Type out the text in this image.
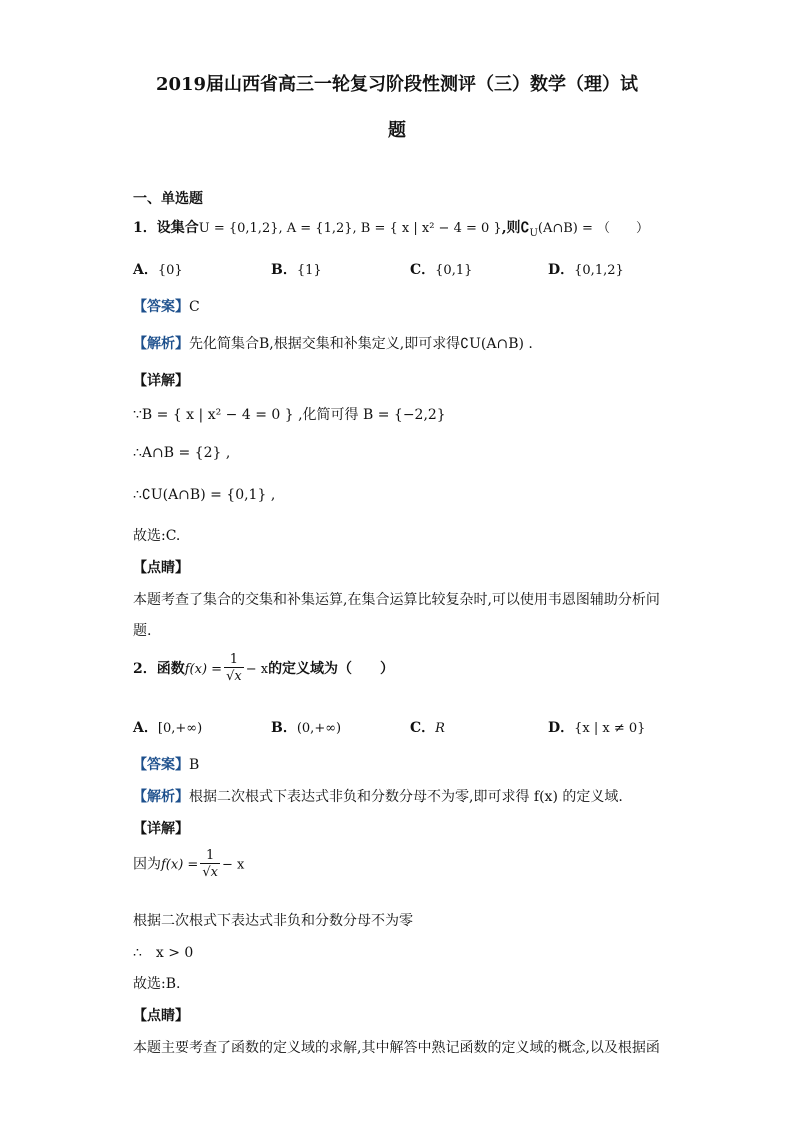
2019届山西省高三一轮复习阶段性测评（三）数学（理）试
题
一、单选题
1．设集合U = {0,1,2}, A = {1,2}, B = { x | x² − 4 = 0 },则$∁_U(A\cap B)$ = （　　）
A．{0}	B．{1}	C．{0,1}	D．{0,1,2}
【答案】C
【解析】先化简集合B,根据交集和补集定义,即可求得∁U(A∩B) .
【详解】
∵B = { x | x² − 4 = 0 } ,化简可得 B = {−2,2}
∴A∩B = {2} ,
∴∁U(A∩B) = {0,1} ,
故选:C.
【点睛】
本题考查了集合的交集和补集运算,在集合运算比较复杂时,可以使用韦恩图辅助分析问
题.
2．函数$f(x) = \frac{1}{√x} - x$的定义域为（　　）
A．[0,+∞)	B．(0,+∞)	C．R	D．{x | x ≠ 0}
【答案】B
【解析】根据二次根式下表达式非负和分数分母不为零,即可求得 f(x) 的定义域.
【详解】
因为$f(x) = \frac{1}{√x} - x$
根据二次根式下表达式非负和分数分母不为零
∴　x > 0
故选:B.
【点睛】
本题主要考查了函数的定义域的求解,其中解答中熟记函数的定义域的概念,以及根据函
